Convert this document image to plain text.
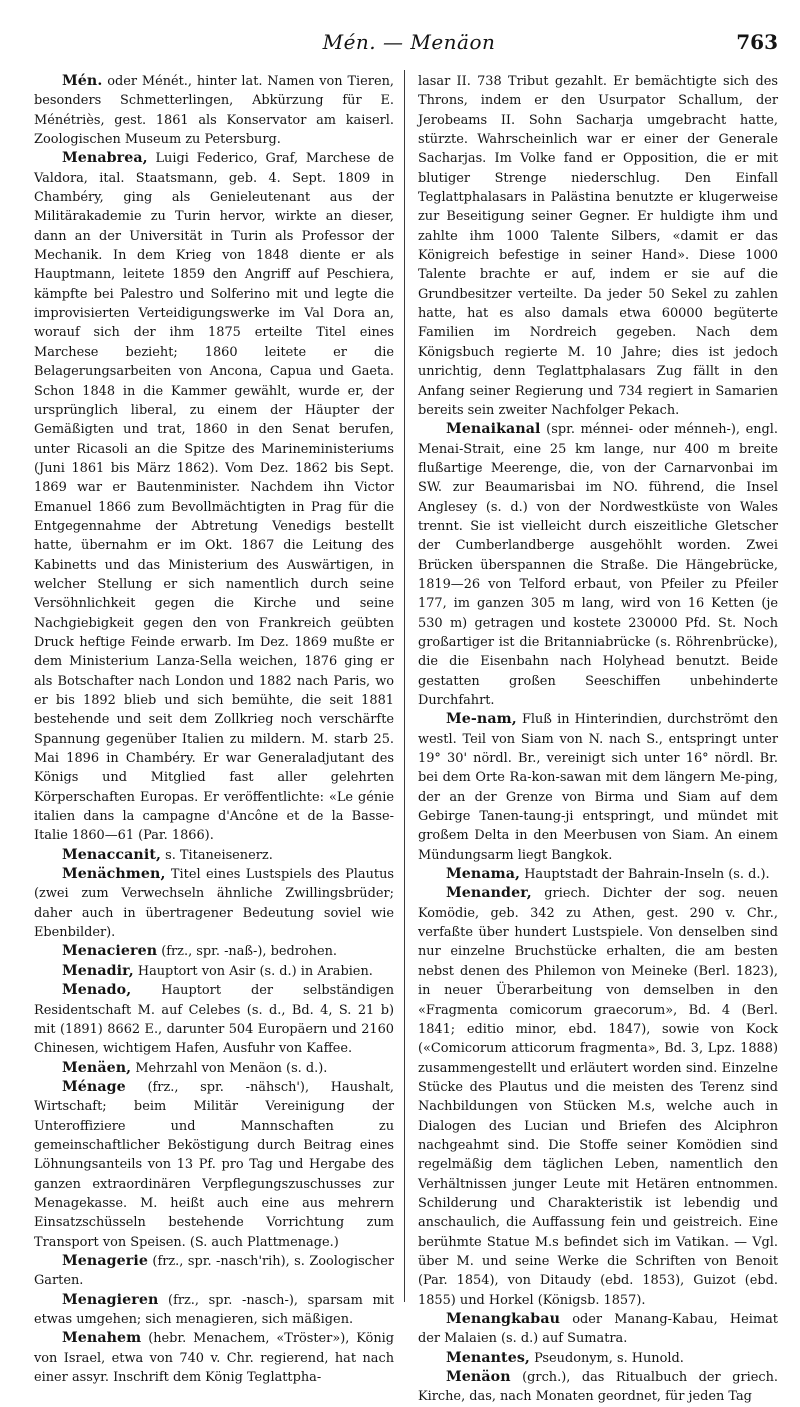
Mén. — Menäon	763

Mén. oder Ménét., hinter lat. Namen von Tieren, besonders Schmetterlingen, Abkürzung für E. Ménétriès, gest. 1861 als Konservator am kaiserl. Zoologischen Museum zu Petersburg.

Menabrea, Luigi Federico, Graf, Marchese de Valdora, ital. Staatsmann, geb. 4. Sept. 1809 in Chambéry, ging als Genieleutenant aus der Militärakademie zu Turin hervor, wirkte an dieser, dann an der Universität in Turin als Professor der Mechanik. In dem Krieg von 1848 diente er als Hauptmann, leitete 1859 den Angriff auf Peschiera, kämpfte bei Palestro und Solferino mit und legte die improvisierten Verteidigungswerke im Val Dora an, worauf sich der ihm 1875 erteilte Titel eines Marchese bezieht; 1860 leitete er die Belagerungsarbeiten von Ancona, Capua und Gaeta. Schon 1848 in die Kammer gewählt, wurde er, der ursprünglich liberal, zu einem der Häupter der Gemäßigten und trat, 1860 in den Senat berufen, unter Ricasoli an die Spitze des Marineministeriums (Juni 1861 bis März 1862). Vom Dez. 1862 bis Sept. 1869 war er Bautenminister. Nachdem ihn Victor Emanuel 1866 zum Bevollmächtigten in Prag für die Entgegennahme der Abtretung Venedigs bestellt hatte, übernahm er im Okt. 1867 die Leitung des Kabinetts und das Ministerium des Auswärtigen, in welcher Stellung er sich namentlich durch seine Versöhnlichkeit gegen die Kirche und seine Nachgiebigkeit gegen den von Frankreich geübten Druck heftige Feinde erwarb. Im Dez. 1869 mußte er dem Ministerium Lanza-Sella weichen, 1876 ging er als Botschafter nach London und 1882 nach Paris, wo er bis 1892 blieb und sich bemühte, die seit 1881 bestehende und seit dem Zollkrieg noch verschärfte Spannung gegenüber Italien zu mildern. M. starb 25. Mai 1896 in Chambéry. Er war Generaladjutant des Königs und Mitglied fast aller gelehrten Körperschaften Europas. Er veröffentlichte: «Le génie italien dans la campagne d'Ancône et de la Basse-Italie 1860—61 (Par. 1866).

Menaccanit, s. Titaneisenerz.

Menächmen, Titel eines Lustspiels des Plautus (zwei zum Verwechseln ähnliche Zwillingsbrüder; daher auch in übertragener Bedeutung soviel wie Ebenbilder).

Menacieren (frz., spr. -naß-), bedrohen.

Menadir, Hauptort von Asir (s. d.) in Arabien.

Menado, Hauptort der selbständigen Residentschaft M. auf Celebes (s. d., Bd. 4, S. 21 b) mit (1891) 8662 E., darunter 504 Europäern und 2160 Chinesen, wichtigem Hafen, Ausfuhr von Kaffee.

Menäen, Mehrzahl von Menäon (s. d.).

Ménage (frz., spr. -nähsch'), Haushalt, Wirtschaft; beim Militär Vereinigung der Unteroffiziere und Mannschaften zu gemeinschaftlicher Beköstigung durch Beitrag eines Löhnungsanteils von 13 Pf. pro Tag und Hergabe des ganzen extraordinären Verpflegungszuschusses zur Menagekasse. M. heißt auch eine aus mehrern Einsatzschüsseln bestehende Vorrichtung zum Transport von Speisen. (S. auch Plattmenage.)

Menagerie (frz., spr. -nasch'rih), s. Zoologischer Garten.

Menagieren (frz., spr. -nasch-), sparsam mit etwas umgehen; sich menagieren, sich mäßigen.

Menahem (hebr. Menachem, «Tröster»), König von Israel, etwa von 740 v. Chr. regierend, hat nach einer assyr. Inschrift dem König Teglattpha-

lasar II. 738 Tribut gezahlt. Er bemächtigte sich des Throns, indem er den Usurpator Schallum, der Jerobeams II. Sohn Sacharja umgebracht hatte, stürzte. Wahrscheinlich war er einer der Generale Sacharjas. Im Volke fand er Opposition, die er mit blutiger Strenge niederschlug. Den Einfall Teglattphalasars in Palästina benutzte er klugerweise zur Beseitigung seiner Gegner. Er huldigte ihm und zahlte ihm 1000 Talente Silbers, «damit er das Königreich befestige in seiner Hand». Diese 1000 Talente brachte er auf, indem er sie auf die Grundbesitzer verteilte. Da jeder 50 Sekel zu zahlen hatte, hat es also damals etwa 60000 begüterte Familien im Nordreich gegeben. Nach dem Königsbuch regierte M. 10 Jahre; dies ist jedoch unrichtig, denn Teglattphalasars Zug fällt in den Anfang seiner Regierung und 734 regiert in Samarien bereits sein zweiter Nachfolger Pekach.

Menaikanal (spr. ménnei- oder ménneh-), engl. Menai-Strait, eine 25 km lange, nur 400 m breite flußartige Meerenge, die, von der Carnarvonbai im SW. zur Beaumarisbai im NO. führend, die Insel Anglesey (s. d.) von der Nordwestküste von Wales trennt. Sie ist vielleicht durch eiszeitliche Gletscher der Cumberlandberge ausgehöhlt worden. Zwei Brücken überspannen die Straße. Die Hängebrücke, 1819—26 von Telford erbaut, von Pfeiler zu Pfeiler 177, im ganzen 305 m lang, wird von 16 Ketten (je 530 m) getragen und kostete 230000 Pfd. St. Noch großartiger ist die Britanniabrücke (s. Röhrenbrücke), die die Eisenbahn nach Holyhead benutzt. Beide gestatten großen Seeschiffen unbehinderte Durchfahrt.

Me-nam, Fluß in Hinterindien, durchströmt den westl. Teil von Siam von N. nach S., entspringt unter 19° 30' nördl. Br., vereinigt sich unter 16° nördl. Br. bei dem Orte Ra-kon-sawan mit dem längern Me-ping, der an der Grenze von Birma und Siam auf dem Gebirge Tanen-taung-ji entspringt, und mündet mit großem Delta in den Meerbusen von Siam. An einem Mündungsarm liegt Bangkok.

Menama, Hauptstadt der Bahrain-Inseln (s. d.).

Menander, griech. Dichter der sog. neuen Komödie, geb. 342 zu Athen, gest. 290 v. Chr., verfaßte über hundert Lustspiele. Von denselben sind nur einzelne Bruchstücke erhalten, die am besten nebst denen des Philemon von Meineke (Berl. 1823), in neuer Überarbeitung von demselben in den «Fragmenta comicorum graecorum», Bd. 4 (Berl. 1841; editio minor, ebd. 1847), sowie von Kock («Comicorum atticorum fragmenta», Bd. 3, Lpz. 1888) zusammengestellt und erläutert worden sind. Einzelne Stücke des Plautus und die meisten des Terenz sind Nachbildungen von Stücken M.s, welche auch in Dialogen des Lucian und Briefen des Alciphron nachgeahmt sind. Die Stoffe seiner Komödien sind regelmäßig dem täglichen Leben, namentlich den Verhältnissen junger Leute mit Hetären entnommen. Schilderung und Charakteristik ist lebendig und anschaulich, die Auffassung fein und geistreich. Eine berühmte Statue M.s befindet sich im Vatikan. — Vgl. über M. und seine Werke die Schriften von Benoit (Par. 1854), von Ditaudy (ebd. 1853), Guizot (ebd. 1855) und Horkel (Königsb. 1857).

Menangkabau oder Manang-Kabau, Heimat der Malaien (s. d.) auf Sumatra.

Menantes, Pseudonym, s. Hunold.

Menäon (grch.), das Ritualbuch der griech. Kirche, das, nach Monaten geordnet, für jeden Tag
